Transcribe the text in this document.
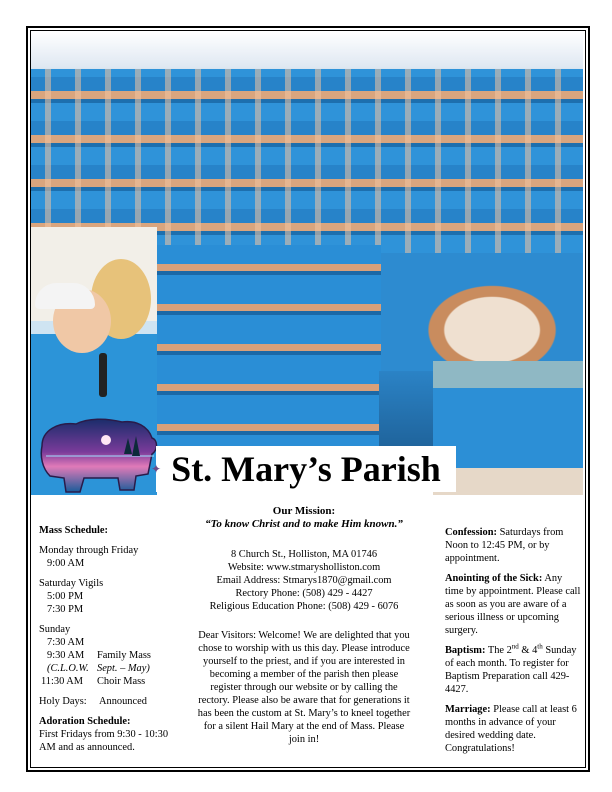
St. Mary’s Parish
✦
Mass Schedule:
Monday through Friday
9:00 AM
Saturday Vigils
5:00 PM
7:30 PM
Sunday
7:30 AM
9:30 AM	Family Mass
(C.L.O.W. Sept. – May)
11:30 AM	Choir Mass
Holy Days:	Announced
Adoration Schedule:
First Fridays from 9:30 - 10:30 AM and as announced.
Our Mission:
“To know Christ and to make Him known.”
8 Church St., Holliston, MA 01746
Website: www.stmarysholliston.com
Email Address: Stmarys1870@gmail.com
Rectory Phone: (508) 429 - 4427
Religious Education Phone: (508) 429 - 6076
Dear Visitors: Welcome! We are delighted that you chose to worship with us this day. Please introduce yourself to the priest, and if you are interested in becoming a member of the parish then please register through our website or by calling the rectory. Please also be aware that for generations it has been the custom at St. Mary’s to kneel together for a silent Hail Mary at the end of Mass. Please join in!
Confession: Saturdays from Noon to 12:45 PM, or by appointment.
Anointing of the Sick: Any time by appointment. Please call as soon as you are aware of a serious illness or upcoming surgery.
Baptism: The 2nd & 4th Sunday of each month. To register for Baptism Preparation call 429-4427.
Marriage: Please call at least 6 months in advance of your desired wedding date. Congratulations!
